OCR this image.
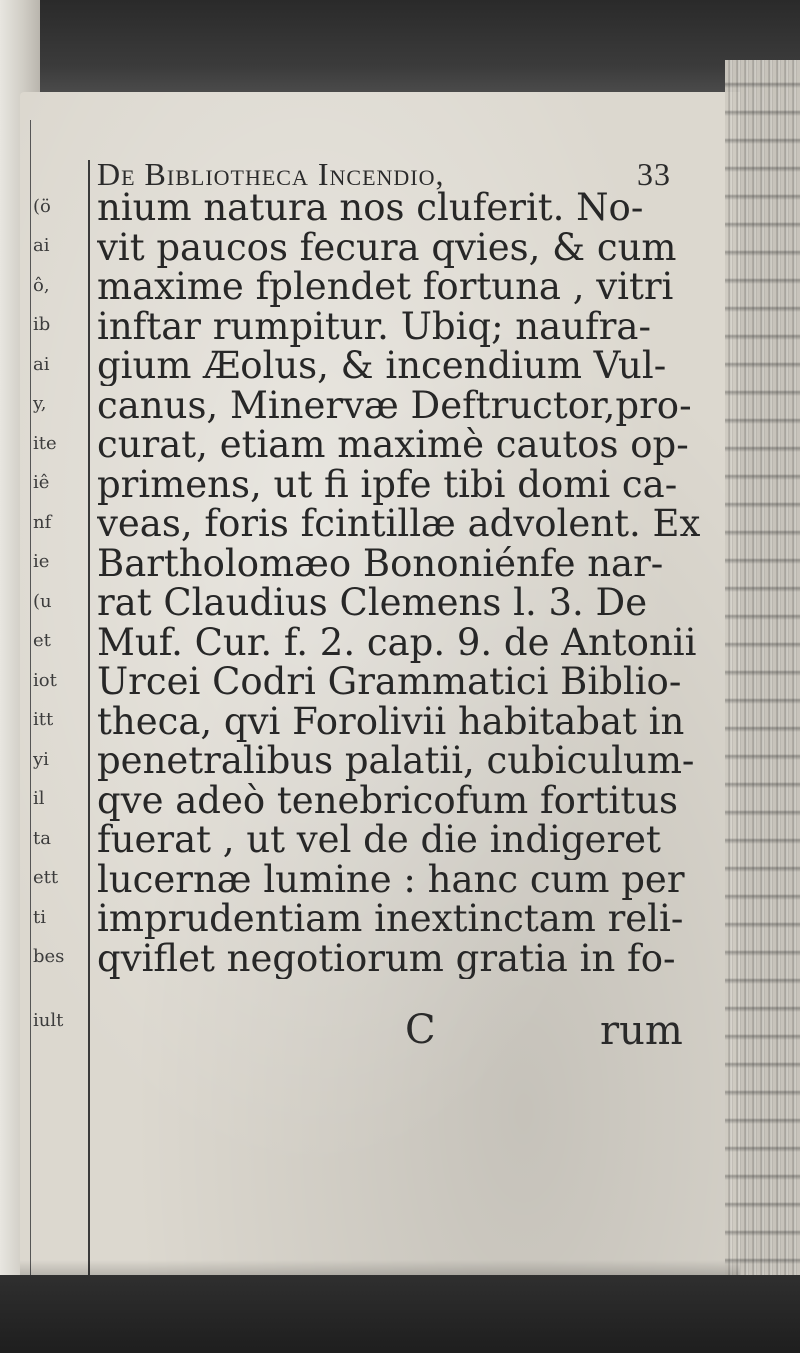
(ö
ai
ô,
ib
ai
y,
ite
iê
nf
ie
(u
et
iot
itt
yi
il
ta
ett
ti
bes
iult
De Bibliotheca Incendio,	33
nium natura nos cluferit. No-
vit paucos fecura qvies, & cum
maxime fplendet fortuna , vitri
inftar rumpitur. Ubiq; naufra-
gium Æolus, & incendium Vul-
canus, Minervæ Deftructor,pro-
curat, etiam maximè cautos op-
primens, ut fi ipfe tibi domi ca-
veas, foris fcintillæ advolent. Ex
Bartholomæo Bononiénfe nar-
rat Claudius Clemens l. 3. De
Muf. Cur. f. 2. cap. 9. de Antonii
Urcei Codri Grammatici Biblio-
theca, qvi Forolivii habitabat in
penetralibus palatii, cubiculum-
qve adeò tenebricofum fortitus
fuerat , ut vel de die indigeret
lucernæ lumine : hanc cum per
imprudentiam inextinctam reli-
qviflet negotiorum gratia in fo-
C	rum
